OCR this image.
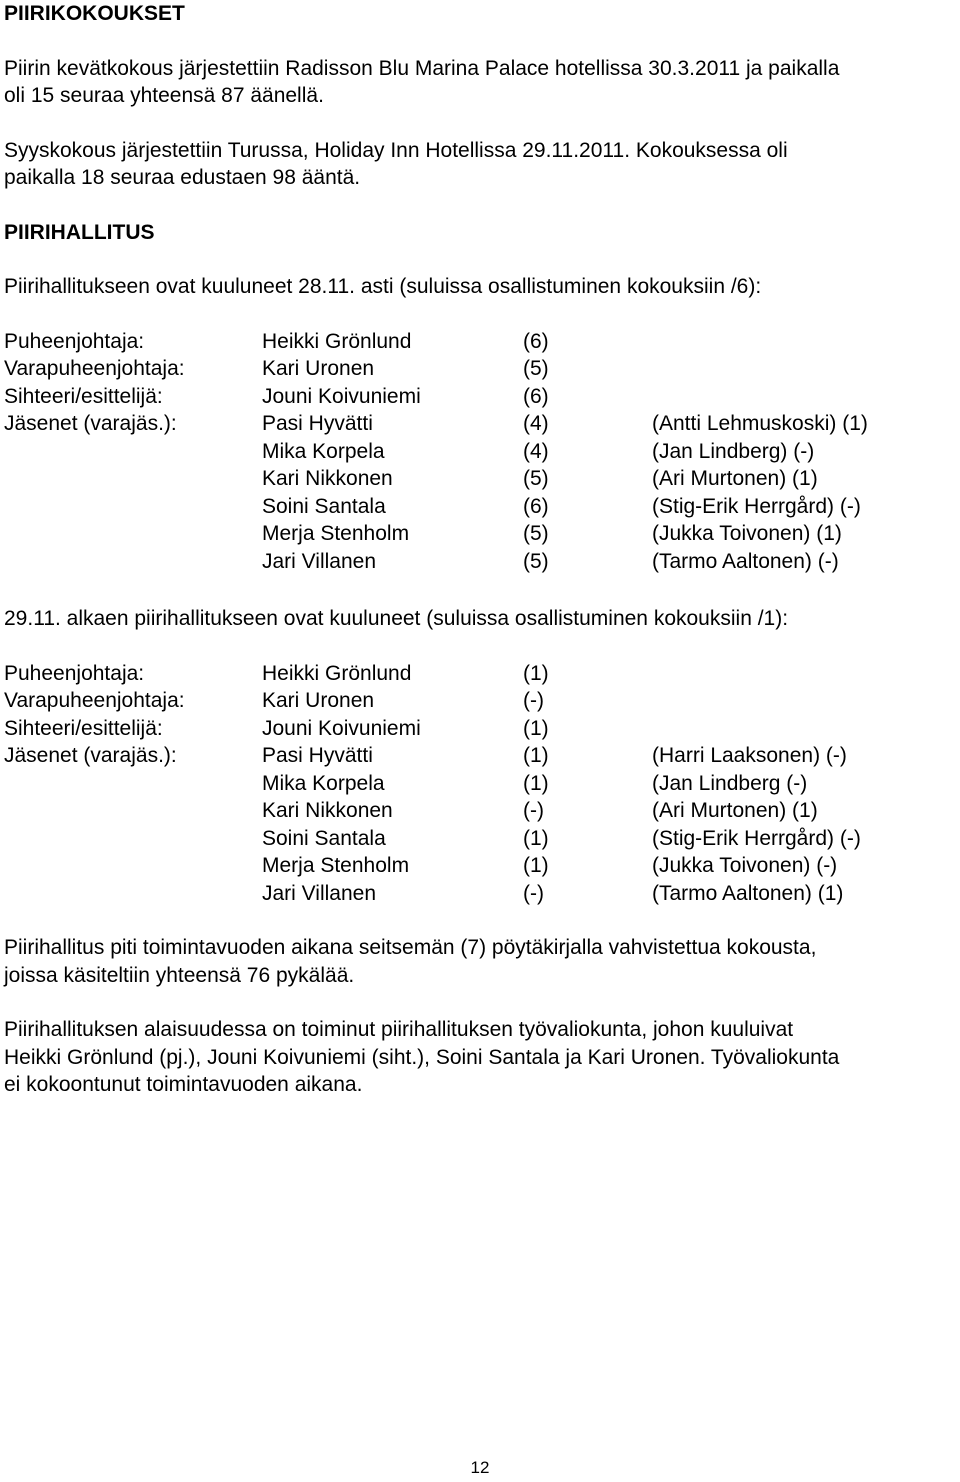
PIIRIKOKOUKSET
Piirin kevätkokous järjestettiin Radisson Blu Marina Palace hotellissa 30.3.2011 ja paikalla
oli 15 seuraa yhteensä 87 äänellä.
Syyskokous järjestettiin Turussa, Holiday Inn Hotellissa 29.11.2011. Kokouksessa oli
paikalla 18 seuraa edustaen 98 ääntä.
PIIRIHALLITUS
Piirihallitukseen ovat kuuluneet 28.11. asti (suluissa osallistuminen kokouksiin /6):
Puheenjohtaja:	Heikki Grönlund	(6)
Varapuheenjohtaja:	Kari Uronen	(5)
Sihteeri/esittelijä:	Jouni Koivuniemi	(6)
Jäsenet (varajäs.):	Pasi Hyvätti	(4)	(Antti Lehmuskoski) (1)
Mika Korpela	(4)	(Jan Lindberg) (-)
Kari Nikkonen	(5)	(Ari Murtonen) (1)
Soini Santala	(6)	(Stig-Erik Herrgård) (-)
Merja Stenholm	(5)	(Jukka Toivonen) (1)
Jari Villanen	(5)	(Tarmo Aaltonen) (-)
29.11. alkaen piirihallitukseen ovat kuuluneet (suluissa osallistuminen kokouksiin /1):
Puheenjohtaja:	Heikki Grönlund	(1)
Varapuheenjohtaja:	Kari Uronen	(-)
Sihteeri/esittelijä:	Jouni Koivuniemi	(1)
Jäsenet (varajäs.):	Pasi Hyvätti	(1)	(Harri Laaksonen) (-)
Mika Korpela	(1)	(Jan Lindberg (-)
Kari Nikkonen	(-)	(Ari Murtonen) (1)
Soini Santala	(1)	(Stig-Erik Herrgård) (-)
Merja Stenholm	(1)	(Jukka Toivonen) (-)
Jari Villanen	(-)	(Tarmo Aaltonen) (1)
Piirihallitus piti toimintavuoden aikana seitsemän (7) pöytäkirjalla vahvistettua kokousta,
joissa käsiteltiin yhteensä 76 pykälää.
Piirihallituksen alaisuudessa on toiminut piirihallituksen työvaliokunta, johon kuuluivat
Heikki Grönlund (pj.), Jouni Koivuniemi (siht.), Soini Santala ja Kari Uronen. Työvaliokunta
ei kokoontunut toimintavuoden aikana.
12
